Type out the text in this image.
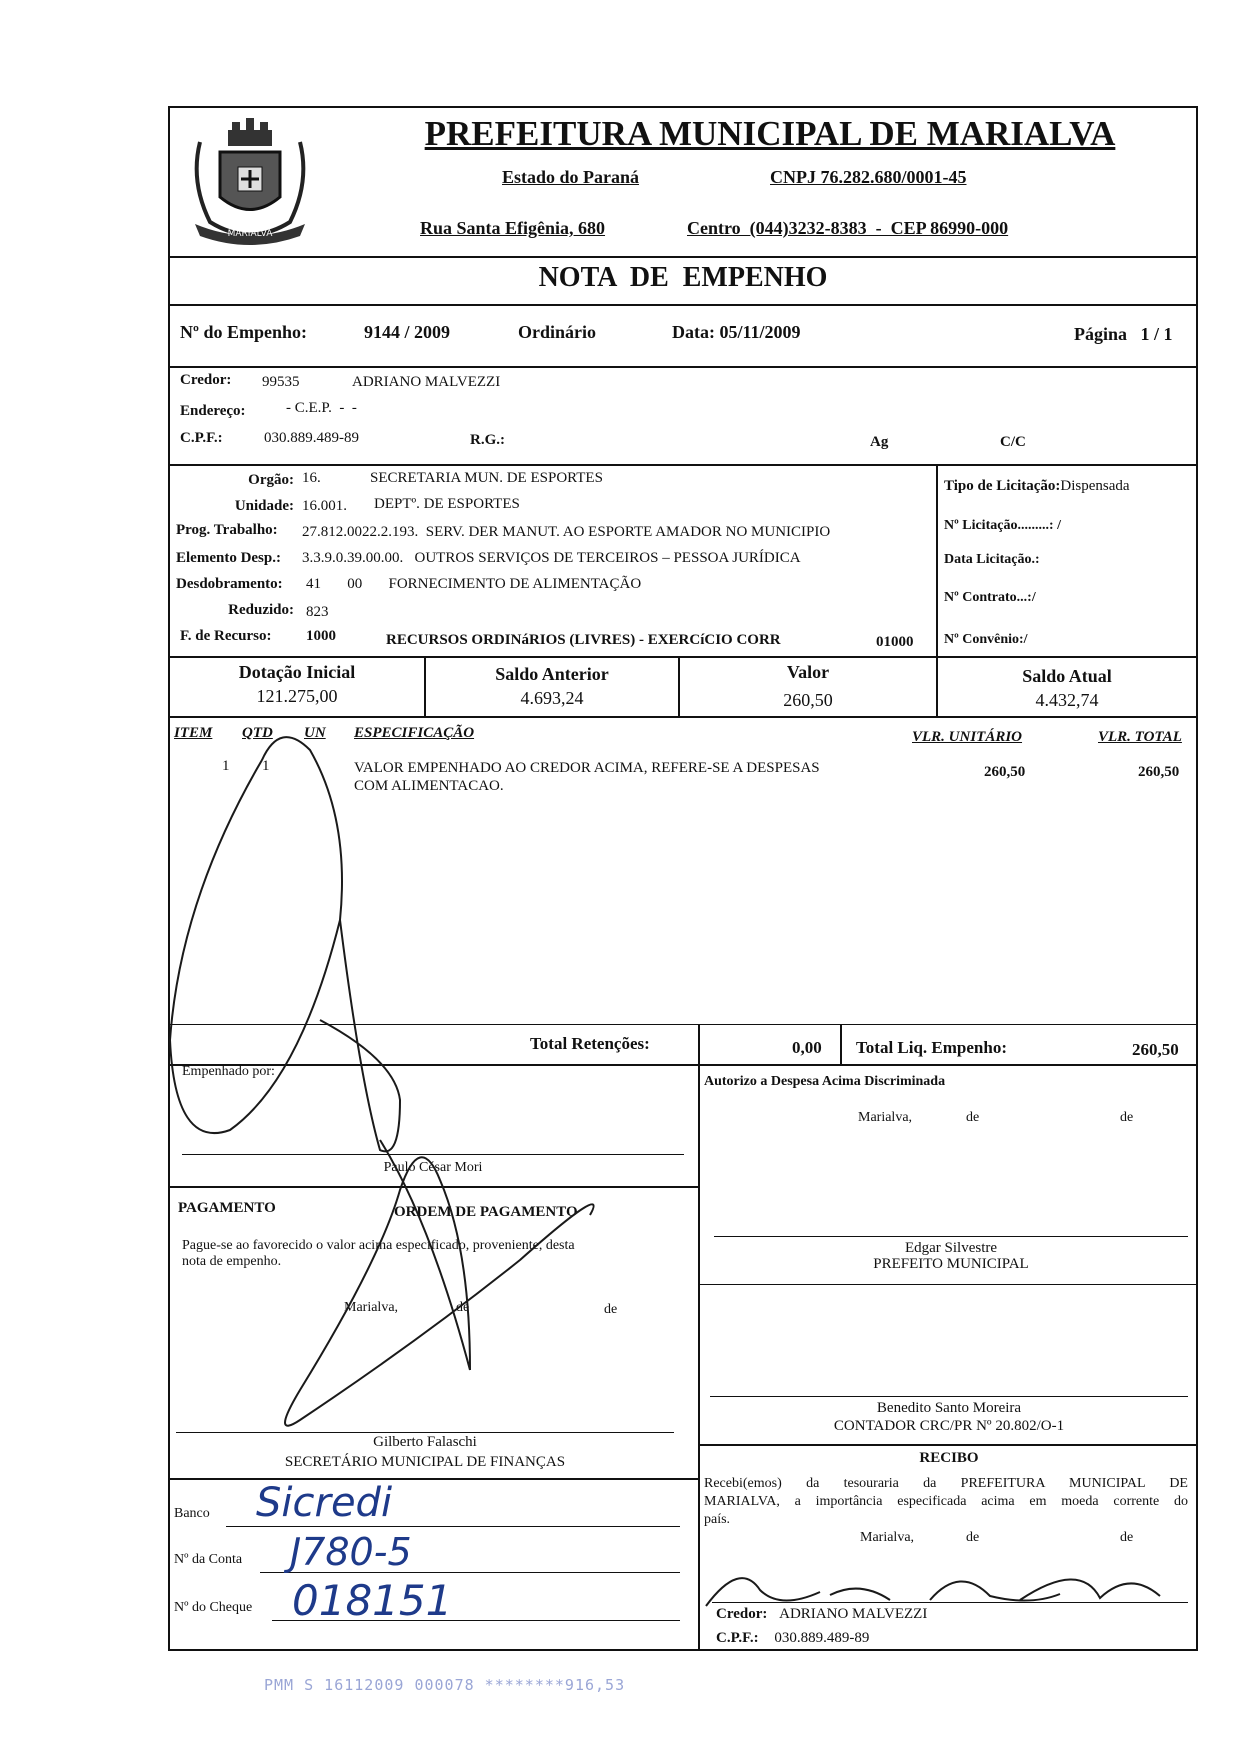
MARIALVA
PREFEITURA MUNICIPAL DE MARIALVA
Estado do Paraná	CNPJ 76.282.680/0001-45
Rua Santa Efigênia, 680	Centro  (044)3232-8383  -  CEP 86990-000
NOTA  DE  EMPENHO
Nº do Empenho:	9144 / 2009	Ordinário	Data: 05/11/2009	Página   1 / 1
Credor: 99535	ADRIANO MALVEZZI
Endereço:	- C.E.P.  -  -
C.P.F.:	030.889.489-89	R.G.:	Ag	C/C
Orgão: 16.	SECRETARIA MUN. DE ESPORTES
Unidade: 16.001. DEPTº. DE ESPORTES
Prog. Trabalho: 27.812.0022.2.193.  SERV. DER MANUT. AO ESPORTE AMADOR NO MUNICIPIO
Elemento Desp.: 3.3.9.0.39.00.00.   OUTROS SERVIÇOS DE TERCEIROS – PESSOA JURÍDICA
Desdobramento: 41       00       FORNECIMENTO DE ALIMENTAÇÃO
Reduzido: 823
F. de Recurso: 1000	RECURSOS ORDINáRIOS (LIVRES) - EXERCíCIO CORR	01000
Tipo de Licitação:Dispensada
Nº Licitação.........: /
Data Licitação.:
Nº Contrato...:/
Nº Convênio:/
Dotação Inicial
121.275,00
Saldo Anterior
4.693,24
Valor
260,50
Saldo Atual
4.432,74
ITEM QTD UN ESPECIFICAÇÃO	VLR. UNITÁRIO	VLR. TOTAL
1 1	VALOR EMPENHADO AO CREDOR ACIMA, REFERE-SE A DESPESAS
COM ALIMENTACAO.
260,50	260,50
Total Retenções:	0,00 Total Liq. Empenho:	260,50
Empenhado por:
Paulo César Mori
Autorizo a Despesa Acima Discriminada
Marialva,	de	de
Edgar Silvestre
PREFEITO MUNICIPAL
Benedito Santo Moreira
CONTADOR CRC/PR Nº 20.802/O-1
PAGAMENTO	ORDEM DE PAGAMENTO
Pague-se ao favorecido o valor acima especificado, proveniente, desta
nota de empenho.
Marialva,	de	de
Gilberto Falaschi
SECRETÁRIO MUNICIPAL DE FINANÇAS
Banco Sicredi
Nº da Conta J780-5
Nº do Cheque 018151
RECIBO
Recebi(emos) da tesouraria da PREFEITURA MUNICIPAL DE
MARIALVA, a importância especificada acima em moeda corrente do
país.
Marialva,	de	de
Credor: ADRIANO MALVEZZI
C.P.F.: 030.889.489-89
PMM S 16112009 000078 ********916,53
